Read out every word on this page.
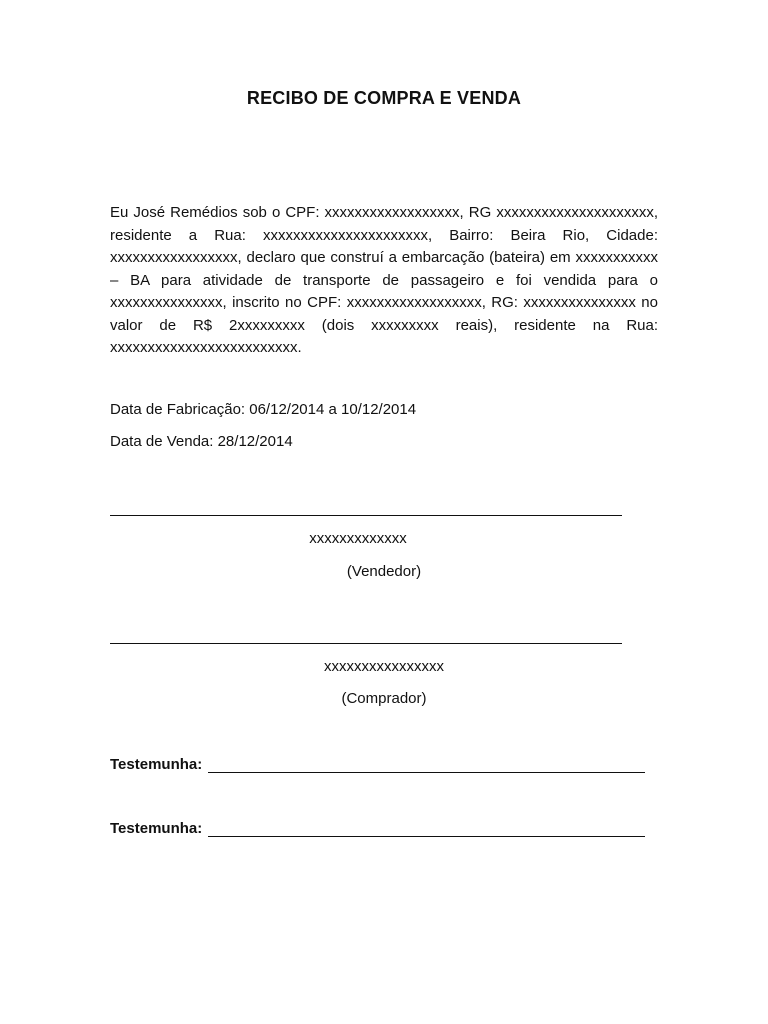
RECIBO DE COMPRA E VENDA
Eu José Remédios sob o CPF: xxxxxxxxxxxxxxxxxx, RG xxxxxxxxxxxxxxxxxxxxx, residente a Rua: xxxxxxxxxxxxxxxxxxxxxx, Bairro: Beira Rio, Cidade: xxxxxxxxxxxxxxxxx, declaro que construí a embarcação (bateira) em xxxxxxxxxxx – BA para atividade de transporte de passageiro e foi vendida para o xxxxxxxxxxxxxxx, inscrito no CPF: xxxxxxxxxxxxxxxxxx, RG: xxxxxxxxxxxxxxx no valor de R$ 2xxxxxxxxx (dois xxxxxxxxx reais), residente na Rua: xxxxxxxxxxxxxxxxxxxxxxxxx.
Data de Fabricação: 06/12/2014 a 10/12/2014
Data de Venda: 28/12/2014
xxxxxxxxxxxxx
(Vendedor)
xxxxxxxxxxxxxxxx
(Comprador)
Testemunha:
Testemunha:
